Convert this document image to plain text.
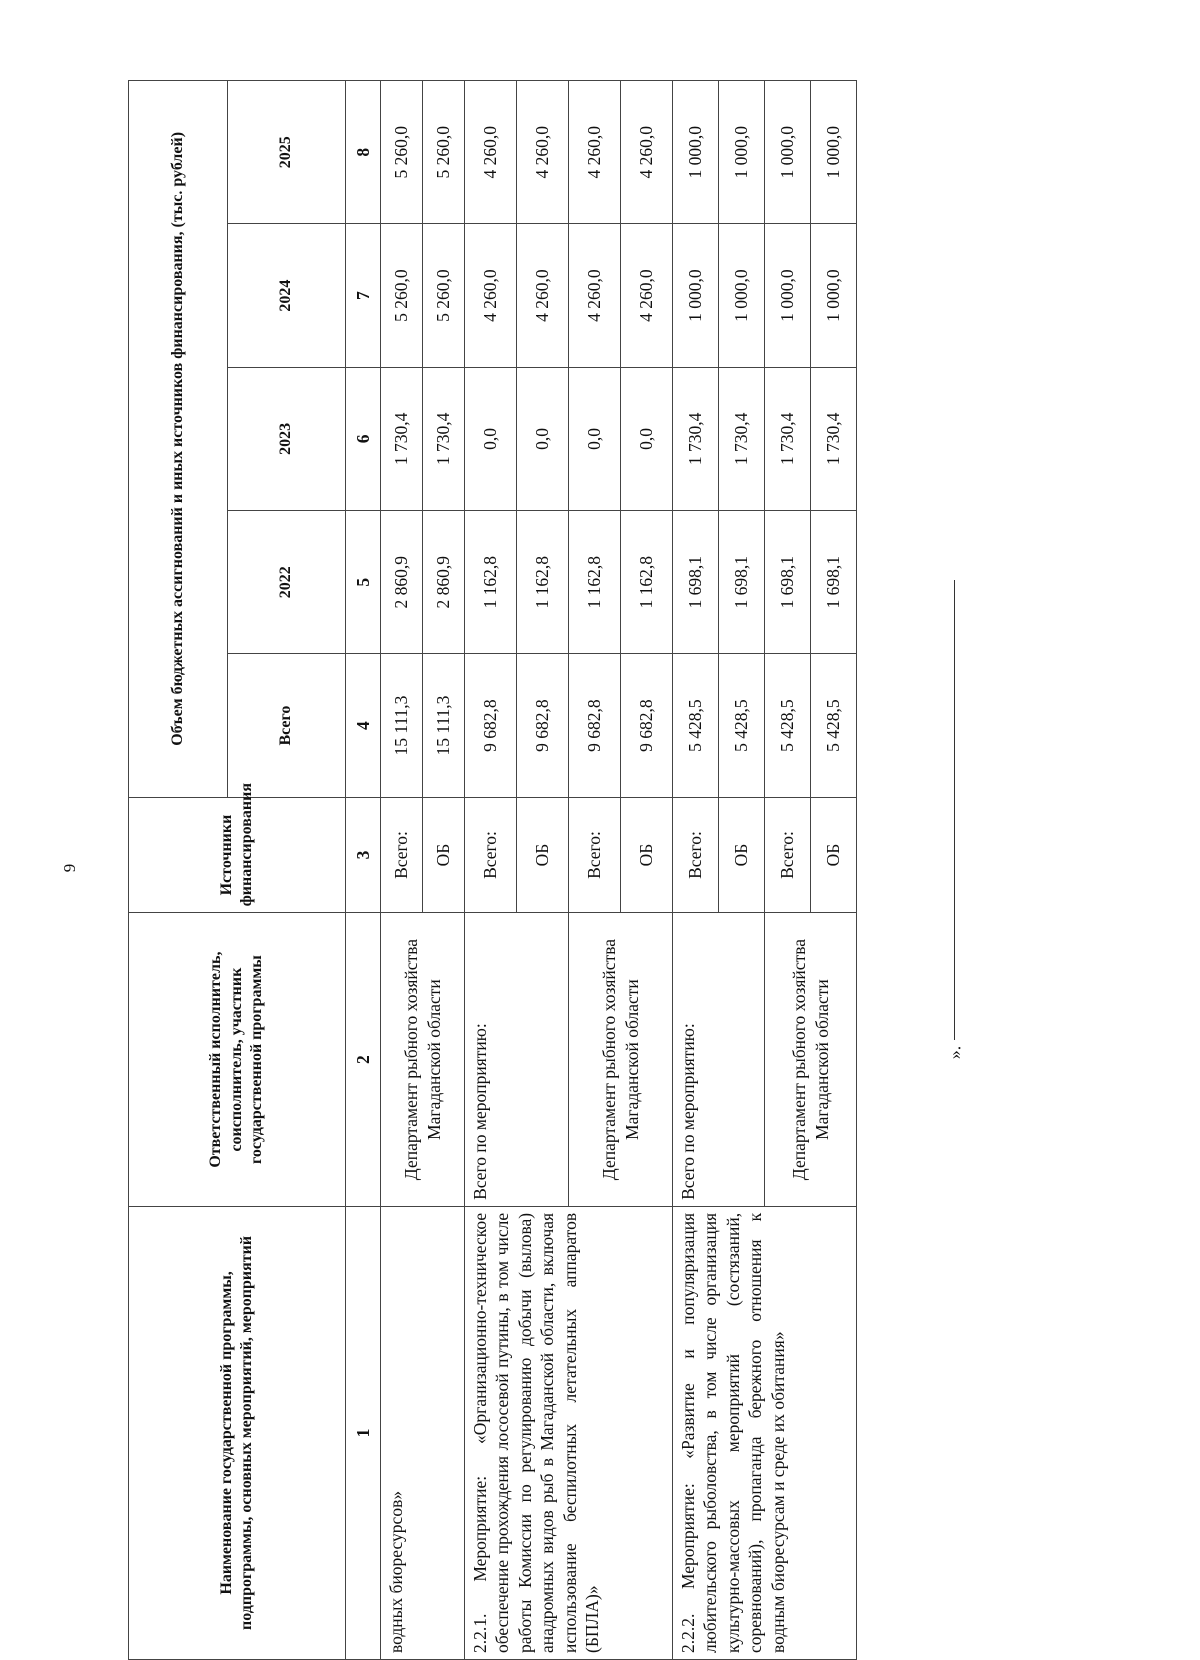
9
».
Наименование государственной программы, подпрограммы, основных мероприятий, мероприятий	Ответственный исполнитель, соисполнитель, участник государственной программы	Источники финансирования	Объем бюджетных ассигнований и иных источников финансирования, (тыс. рублей)				
			Всего	2022	2023	2024	2025
1	2	3	4	5	6	7	8
водных биоресурсов»	Департамент рыбного хозяйства Магаданской области	Всего:	15 111,3	2 860,9	1 730,4	5 260,0	5 260,0
		ОБ	15 111,3	2 860,9	1 730,4	5 260,0	5 260,0
2.2.1. Мероприятие: «Организационно-техническое обеспечение прохождения лососевой путины, в том числе работы Комиссии по регулированию добычи (вылова) анадромных видов рыб в Магаданской области, включая использование беспилотных летательных аппаратов (БПЛА)»	Всего по мероприятию:	Всего:	9 682,8	1 162,8	0,0	4 260,0	4 260,0
		ОБ	9 682,8	1 162,8	0,0	4 260,0	4 260,0
	Департамент рыбного хозяйства Магаданской области	Всего:	9 682,8	1 162,8	0,0	4 260,0	4 260,0
		ОБ	9 682,8	1 162,8	0,0	4 260,0	4 260,0
2.2.2. Мероприятие: «Развитие и популяризация любительского рыболовства, в том числе организация культурно-массовых мероприятий (состязаний, соревнований), пропаганда бережного отношения к водным биоресурсам и среде их обитания»	Всего по мероприятию:	Всего:	5 428,5	1 698,1	1 730,4	1 000,0	1 000,0
		ОБ	5 428,5	1 698,1	1 730,4	1 000,0	1 000,0
	Департамент рыбного хозяйства Магаданской области	Всего:	5 428,5	1 698,1	1 730,4	1 000,0	1 000,0
		ОБ	5 428,5	1 698,1	1 730,4	1 000,0	1 000,0
